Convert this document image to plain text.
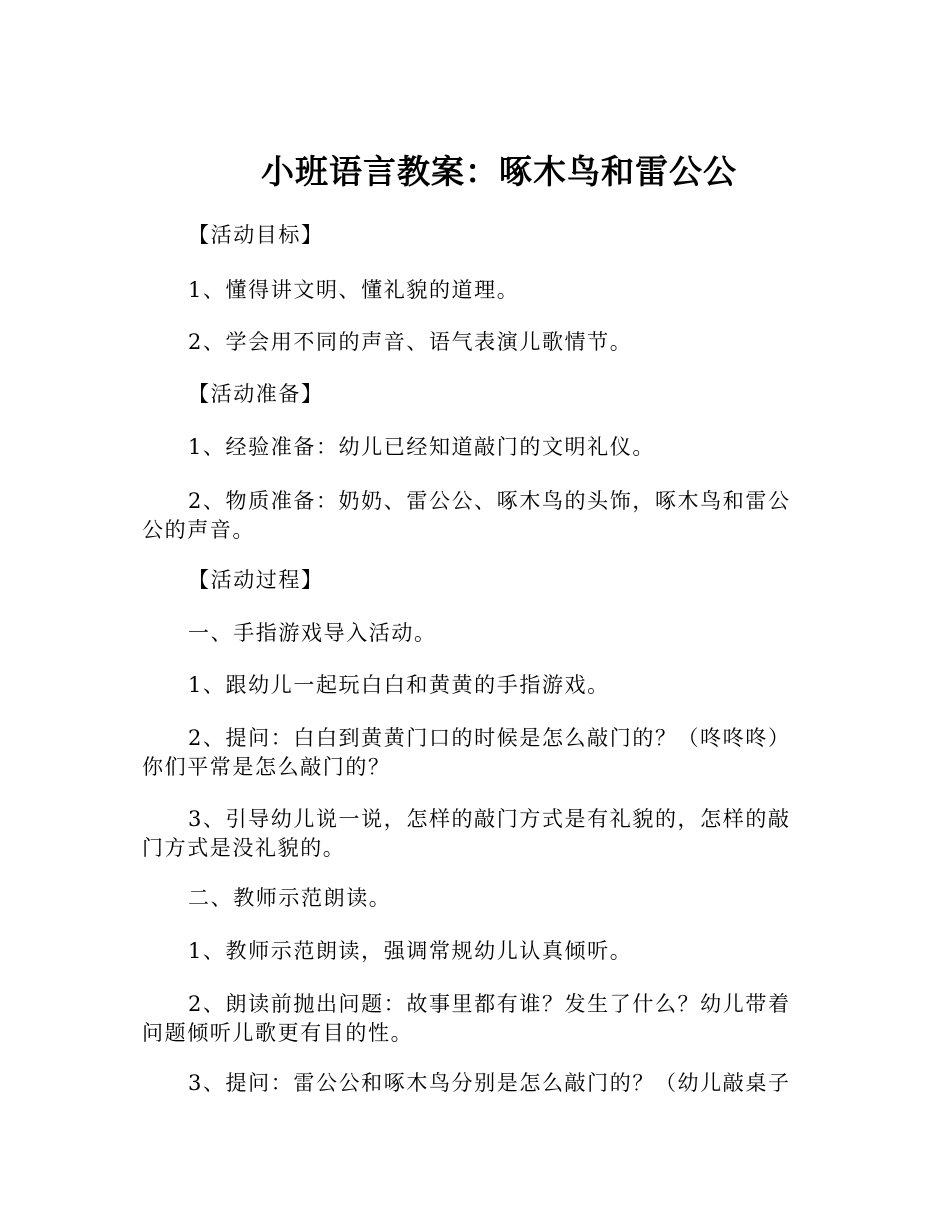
小班语言教案：啄木鸟和雷公公
【活动目标】
1、懂得讲文明、懂礼貌的道理。
2、学会用不同的声音、语气表演儿歌情节。
【活动准备】
1、经验准备：幼儿已经知道敲门的文明礼仪。
2、物质准备：奶奶、雷公公、啄木鸟的头饰，啄木鸟和雷公公的声音。
【活动过程】
一、手指游戏导入活动。
1、跟幼儿一起玩白白和黄黄的手指游戏。
2、提问：白白到黄黄门口的时候是怎么敲门的？（咚咚咚）你们平常是怎么敲门的？
3、引导幼儿说一说，怎样的敲门方式是有礼貌的，怎样的敲门方式是没礼貌的。
二、教师示范朗读。
1、教师示范朗读，强调常规幼儿认真倾听。
2、朗读前抛出问题：故事里都有谁？发生了什么？幼儿带着问题倾听儿歌更有目的性。
3、提问：雷公公和啄木鸟分别是怎么敲门的？（幼儿敲桌子
